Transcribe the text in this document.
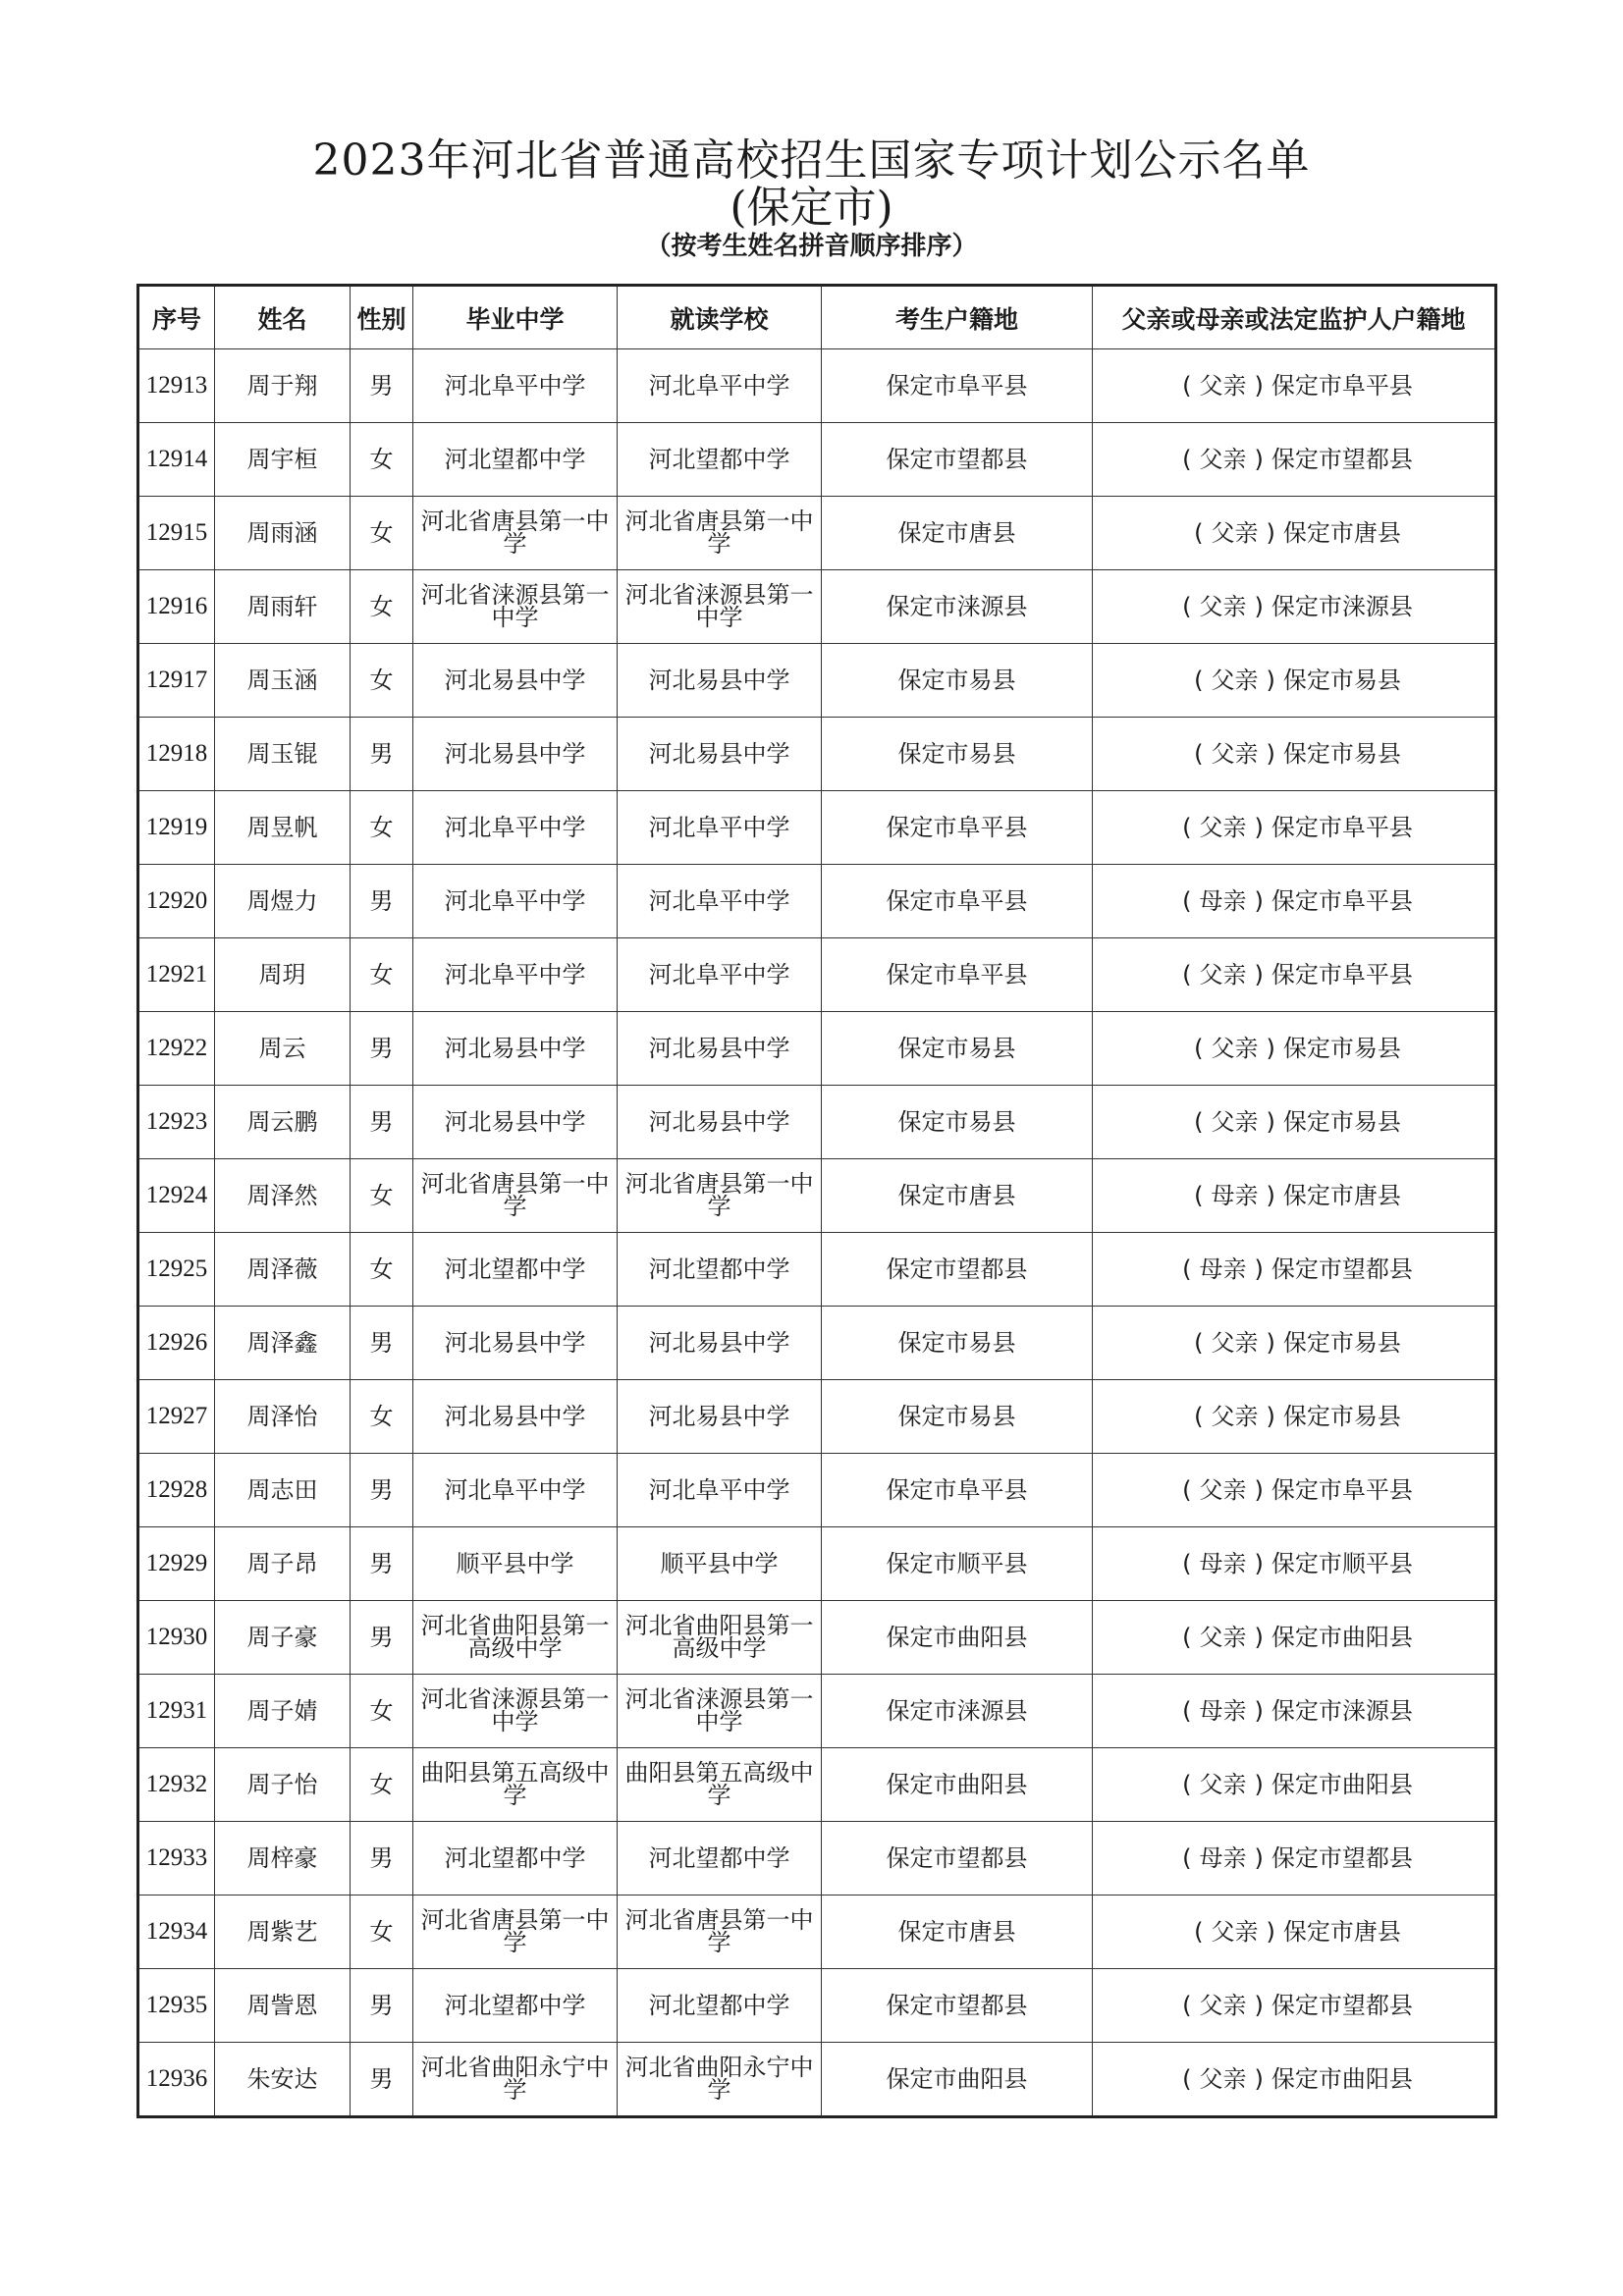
2023年河北省普通高校招生国家专项计划公示名单
(保定市)
（按考生姓名拼音顺序排序）
序号	姓名	性别	毕业中学	就读学校	考生户籍地	父亲或母亲或法定监护人户籍地
12913	周于翔	男	河北阜平中学	河北阜平中学	保定市阜平县	( 父亲 ) 保定市阜平县
12914	周宇桓	女	河北望都中学	河北望都中学	保定市望都县	( 父亲 ) 保定市望都县
12915	周雨涵	女	河北省唐县第一中学	河北省唐县第一中学	保定市唐县	( 父亲 ) 保定市唐县
12916	周雨轩	女	河北省涞源县第一中学	河北省涞源县第一中学	保定市涞源县	( 父亲 ) 保定市涞源县
12917	周玉涵	女	河北易县中学	河北易县中学	保定市易县	( 父亲 ) 保定市易县
12918	周玉锟	男	河北易县中学	河北易县中学	保定市易县	( 父亲 ) 保定市易县
12919	周昱帆	女	河北阜平中学	河北阜平中学	保定市阜平县	( 父亲 ) 保定市阜平县
12920	周煜力	男	河北阜平中学	河北阜平中学	保定市阜平县	( 母亲 ) 保定市阜平县
12921	周玥	女	河北阜平中学	河北阜平中学	保定市阜平县	( 父亲 ) 保定市阜平县
12922	周云	男	河北易县中学	河北易县中学	保定市易县	( 父亲 ) 保定市易县
12923	周云鹏	男	河北易县中学	河北易县中学	保定市易县	( 父亲 ) 保定市易县
12924	周泽然	女	河北省唐县第一中学	河北省唐县第一中学	保定市唐县	( 母亲 ) 保定市唐县
12925	周泽薇	女	河北望都中学	河北望都中学	保定市望都县	( 母亲 ) 保定市望都县
12926	周泽鑫	男	河北易县中学	河北易县中学	保定市易县	( 父亲 ) 保定市易县
12927	周泽怡	女	河北易县中学	河北易县中学	保定市易县	( 父亲 ) 保定市易县
12928	周志田	男	河北阜平中学	河北阜平中学	保定市阜平县	( 父亲 ) 保定市阜平县
12929	周子昂	男	顺平县中学	顺平县中学	保定市顺平县	( 母亲 ) 保定市顺平县
12930	周子豪	男	河北省曲阳县第一高级中学	河北省曲阳县第一高级中学	保定市曲阳县	( 父亲 ) 保定市曲阳县
12931	周子婧	女	河北省涞源县第一中学	河北省涞源县第一中学	保定市涞源县	( 母亲 ) 保定市涞源县
12932	周子怡	女	曲阳县第五高级中学	曲阳县第五高级中学	保定市曲阳县	( 父亲 ) 保定市曲阳县
12933	周梓豪	男	河北望都中学	河北望都中学	保定市望都县	( 母亲 ) 保定市望都县
12934	周紫艺	女	河北省唐县第一中学	河北省唐县第一中学	保定市唐县	( 父亲 ) 保定市唐县
12935	周訾恩	男	河北望都中学	河北望都中学	保定市望都县	( 父亲 ) 保定市望都县
12936	朱安达	男	河北省曲阳永宁中学	河北省曲阳永宁中学	保定市曲阳县	( 父亲 ) 保定市曲阳县
